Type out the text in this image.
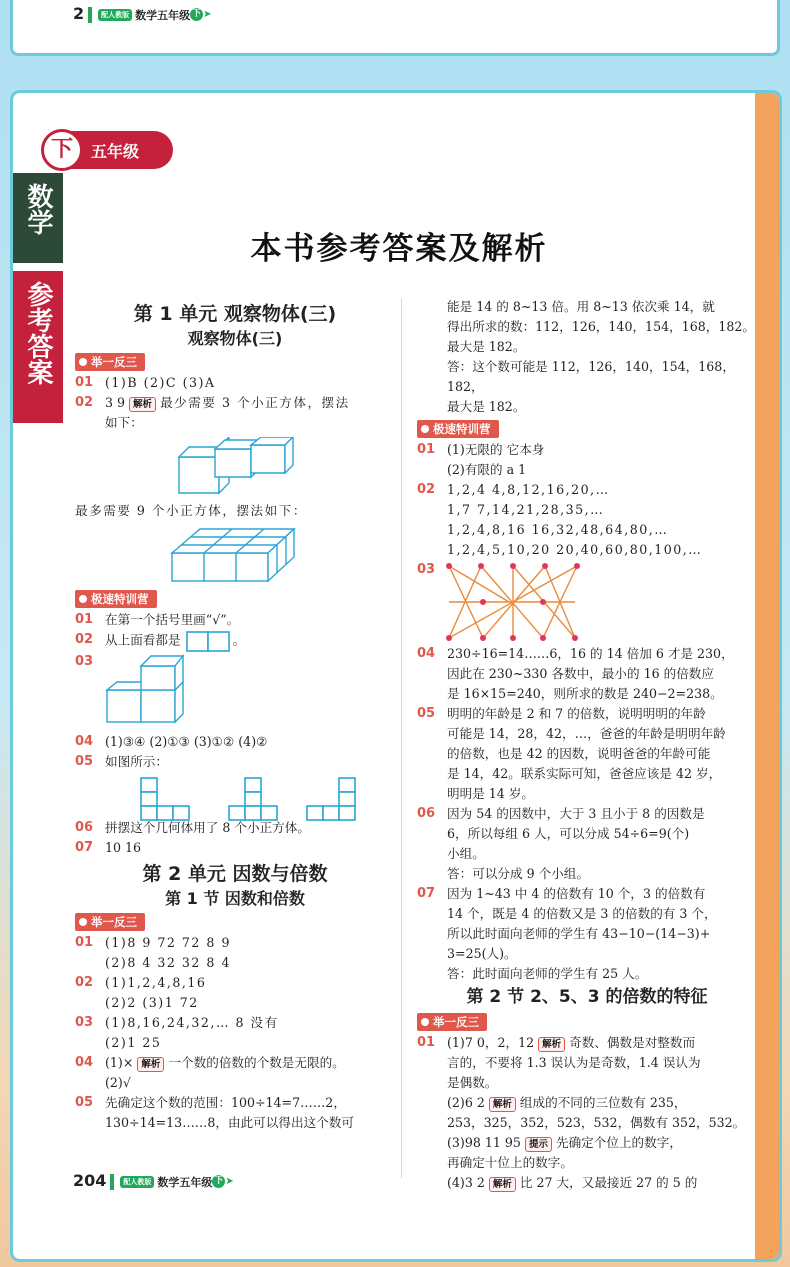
2 配人教版 数学五年级 下 ➤
下	五年级
数学
参考答案
本书参考答案及解析
第 1 单元 观察物体(三)
观察物体(三)
举一反三
01 (1)B (2)C (3)A
02 3 9 解析 最少需要 3 个小正方体，摆法
如下：
最多需要 9 个小正方体，摆法如下：
极速特训营
01 在第一个括号里画“√”。
02 从上面看都是	。
03
04 (1)③④ (2)①③ (3)①② (4)②
05 如图所示：
06 拼摆这个几何体用了 8 个小正方体。
07 10 16
第 2 单元 因数与倍数
第 1 节 因数和倍数
举一反三
01 (1)8 9 72 72 8 9
(2)8 4 32 32 8 4
02 (1)1,2,4,8,16
(2)2 (3)1 72
03 (1)8,16,24,32,… 8 没有
(2)1 25
04 (1)× 解析 一个数的倍数的个数是无限的。
(2)√
05 先确定这个数的范围：100÷14=7……2，
130÷14=13……8，由此可以得出这个数可
能是 14 的 8~13 倍。用 8~13 依次乘 14，就
得出所求的数：112，126，140，154，168，182。
最大是 182。
答：这个数可能是 112，126，140，154，168，182，
最大是 182。
极速特训营
01 (1)无限的 它本身
(2)有限的 a 1
02 1,2,4 4,8,12,16,20,…
1,7 7,14,21,28,35,…
1,2,4,8,16 16,32,48,64,80,…
1,2,4,5,10,20 20,40,60,80,100,…
03
04 230÷16=14……6，16 的 14 倍加 6 才是 230，
因此在 230~330 各数中，最小的 16 的倍数应
是 16×15=240，则所求的数是 240−2=238。
05 明明的年龄是 2 和 7 的倍数，说明明明的年龄
可能是 14，28，42，…，爸爸的年龄是明明年龄
的倍数，也是 42 的因数，说明爸爸的年龄可能
是 14，42。联系实际可知，爸爸应该是 42 岁，
明明是 14 岁。
06 因为 54 的因数中，大于 3 且小于 8 的因数是
6，所以每组 6 人，可以分成 54÷6=9(个)
小组。
答：可以分成 9 个小组。
07 因为 1~43 中 4 的倍数有 10 个，3 的倍数有
14 个，既是 4 的倍数又是 3 的倍数的有 3 个，
所以此时面向老师的学生有 43−10−(14−3)+
3=25(人)。
答：此时面向老师的学生有 25 人。
第 2 节 2、5、3 的倍数的特征
举一反三
01 (1)7 0，2，12 解析 奇数、偶数是对整数而
言的，不要将 1.3 误认为是奇数，1.4 误认为
是偶数。
(2)6 2 解析 组成的不同的三位数有 235，
253，325，352，523，532，偶数有 352，532。
(3)98 11 95 提示 先确定个位上的数字，
再确定十位上的数字。
(4)3 2 解析 比 27 大，又最接近 27 的 5 的
204 配人教版 数学五年级 下 ➤
